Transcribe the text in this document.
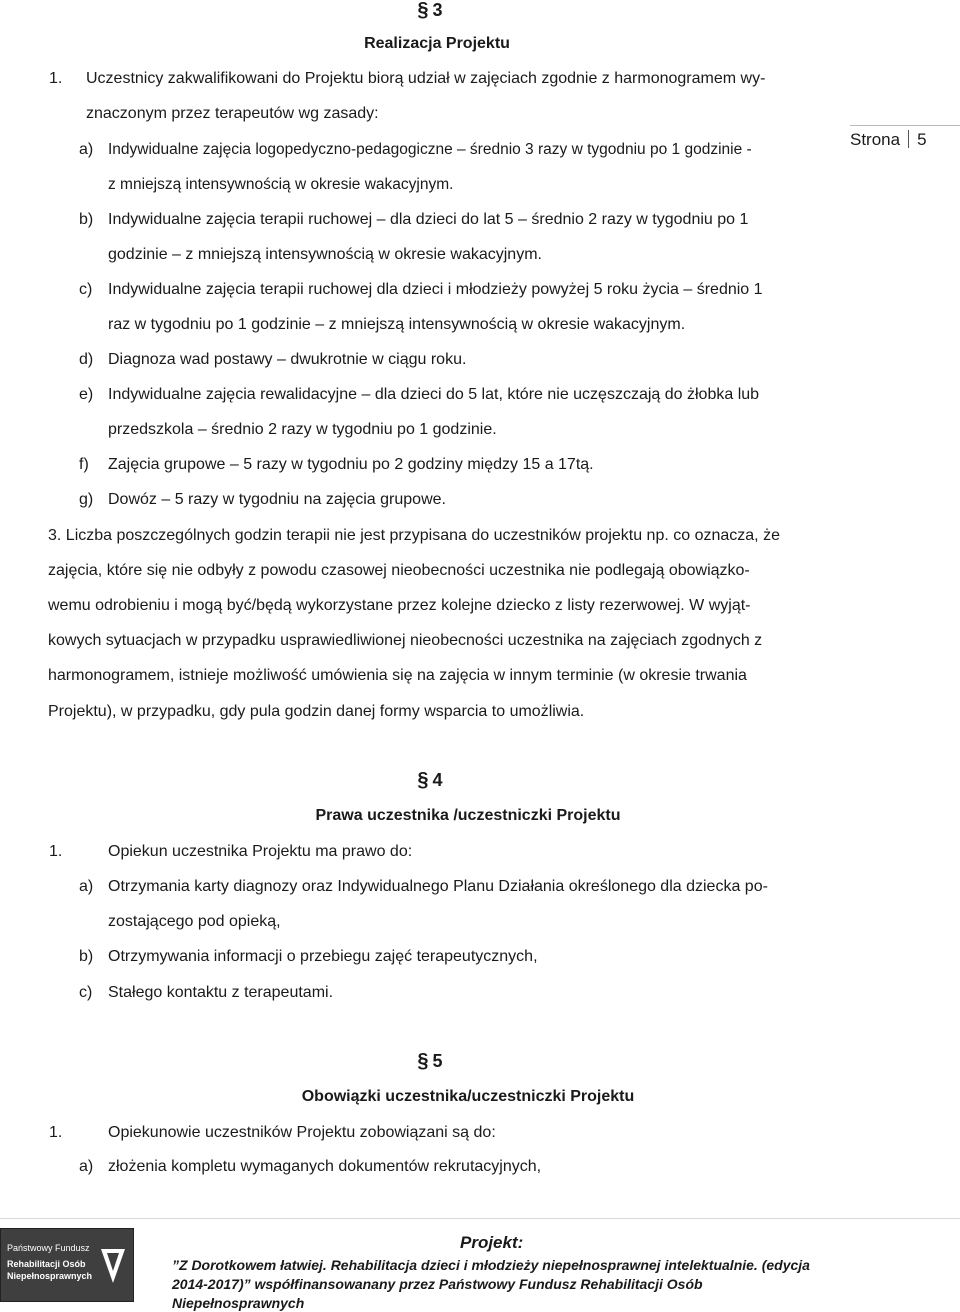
Strona 5
§ 3
Realizacja Projektu
1. Uczestnicy zakwalifikowani do Projektu biorą udział w zajęciach zgodnie z harmonogramem wy-
znaczonym przez terapeutów wg zasady:
a) Indywidualne zajęcia logopedyczno-pedagogiczne – średnio 3 razy w tygodniu po 1 godzinie -
z mniejszą intensywnością w okresie wakacyjnym.
b) Indywidualne zajęcia terapii ruchowej – dla dzieci do lat 5 – średnio 2 razy w tygodniu po 1
godzinie – z mniejszą intensywnością w okresie wakacyjnym.
c) Indywidualne zajęcia terapii ruchowej dla dzieci i młodzieży powyżej 5 roku życia – średnio 1
raz w tygodniu po 1 godzinie – z mniejszą intensywnością w okresie wakacyjnym.
d) Diagnoza wad postawy – dwukrotnie w ciągu roku.
e) Indywidualne zajęcia rewalidacyjne – dla dzieci do 5 lat, które nie uczęszczają do żłobka lub
przedszkola – średnio 2 razy w tygodniu po 1 godzinie.
f) Zajęcia grupowe – 5 razy w tygodniu po 2 godziny między 15 a 17tą.
g) Dowóz – 5 razy w tygodniu na zajęcia grupowe.
3. Liczba poszczególnych godzin terapii nie jest przypisana do uczestników projektu np. co oznacza, że
zajęcia, które się nie odbyły z powodu czasowej nieobecności uczestnika nie podlegają obowiązko-
wemu odrobieniu i mogą być/będą wykorzystane przez kolejne dziecko z listy rezerwowej. W wyjąt-
kowych sytuacjach w przypadku usprawiedliwionej nieobecności uczestnika na zajęciach zgodnych z
harmonogramem, istnieje możliwość umówienia się na zajęcia w innym terminie (w okresie trwania
Projektu), w przypadku, gdy pula godzin danej formy wsparcia to umożliwia.
§ 4
Prawa uczestnika /uczestniczki Projektu
1.	Opiekun uczestnika Projektu ma prawo do:
a) Otrzymania karty diagnozy oraz Indywidualnego Planu Działania określonego dla dziecka po-
zostającego pod opieką,
b) Otrzymywania informacji o przebiegu zajęć terapeutycznych,
c) Stałego kontaktu z terapeutami.
§ 5
Obowiązki uczestnika/uczestniczki Projektu
1.	Opiekunowie uczestników Projektu zobowiązani są do:
a) złożenia kompletu wymaganych dokumentów rekrutacyjnych,
Państwowy Fundusz
Rehabilitacji Osób
Niepełnosprawnych
Projekt:
”Z Dorotkowem łatwiej. Rehabilitacja dzieci i młodzieży niepełnosprawnej intelektualnie. (edycja
2014-2017)” współfinansowanany przez Państwowy Fundusz Rehabilitacji Osób
Niepełnosprawnych
